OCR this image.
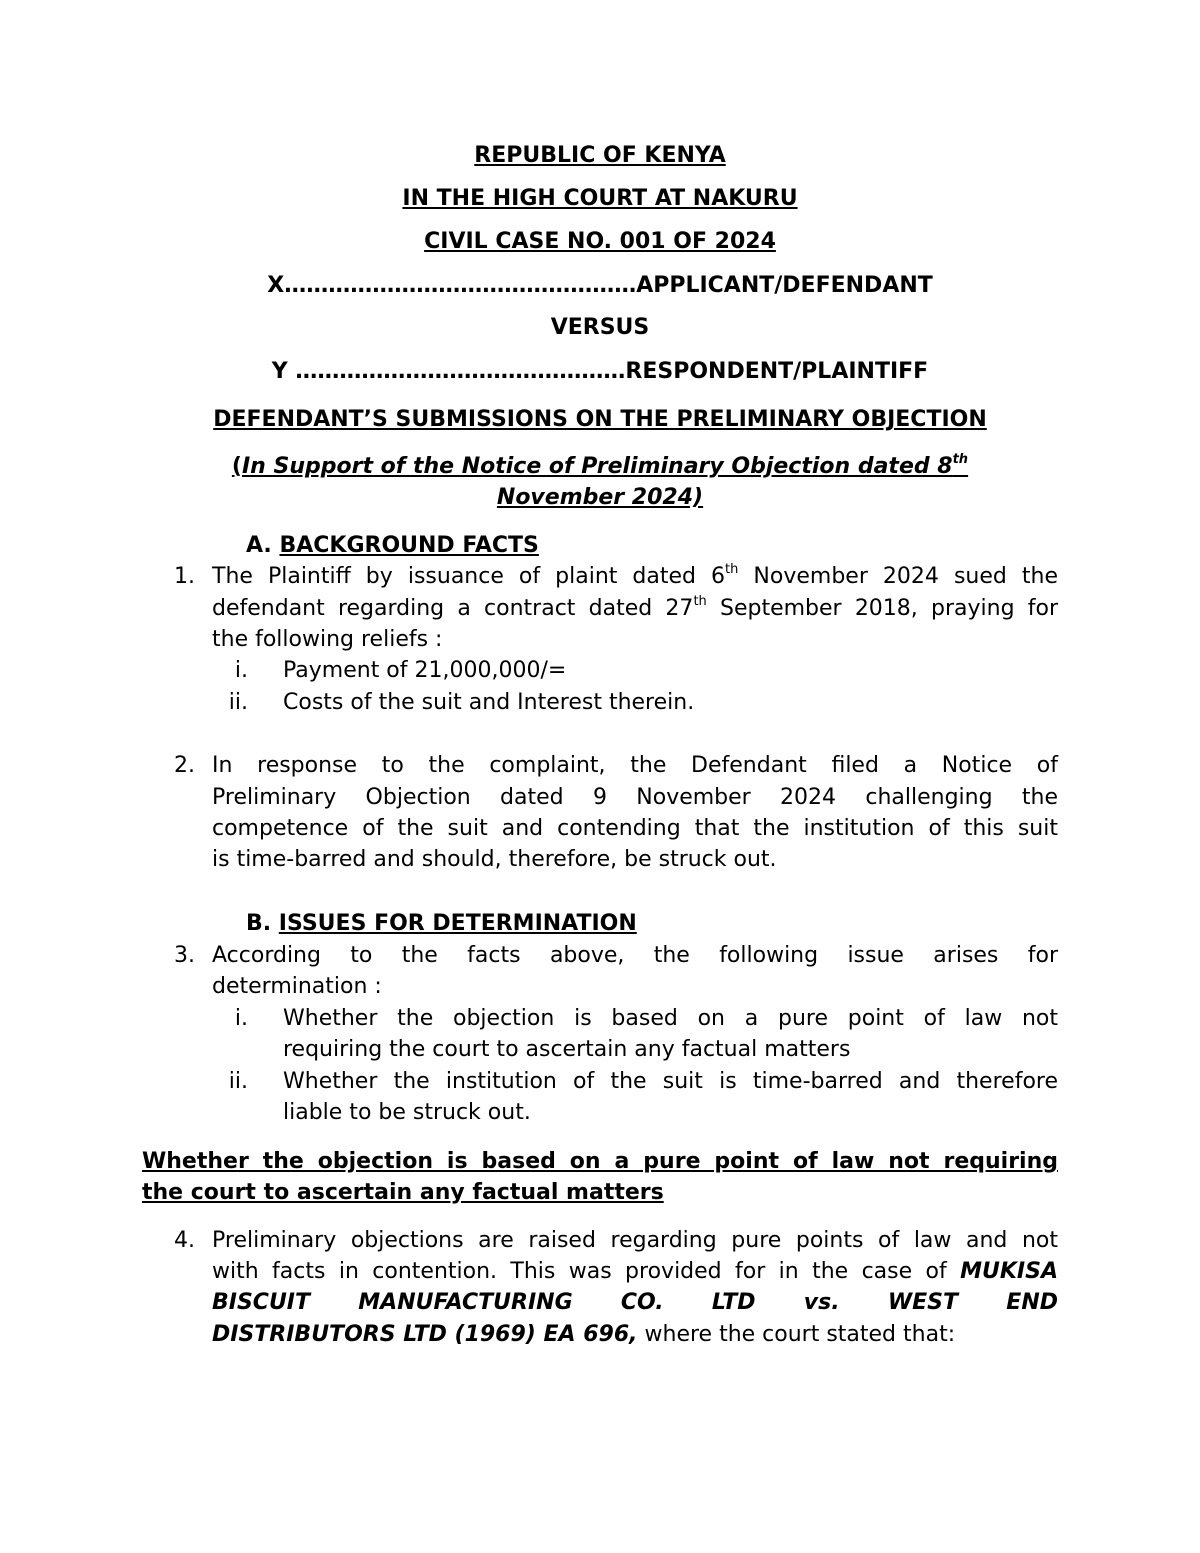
REPUBLIC OF KENYA
IN THE HIGH COURT AT NAKURU
CIVIL CASE NO. 001 OF 2024
X…………………………………………APPLICANT/DEFENDANT
VERSUS
Y ………………………………………RESPONDENT/PLAINTIFF
DEFENDANT’S SUBMISSIONS ON THE PRELIMINARY OBJECTION
(In Support of the Notice of Preliminary Objection dated 8th
November 2024)
A. BACKGROUND FACTS
1. The Plaintiff by issuance of plaint dated 6th November 2024 sued the
defendant regarding a contract dated 27th September 2018, praying for
the following reliefs :
i. Payment of 21,000,000/=
ii. Costs of the suit and Interest therein.
2. In response to the complaint, the Defendant filed a Notice of
Preliminary Objection dated 9 November 2024 challenging the
competence of the suit and contending that the institution of this suit
is time-barred and should, therefore, be struck out.
B. ISSUES FOR DETERMINATION
3. According to the facts above, the following issue arises for
determination :
i. Whether the objection is based on a pure point of law not
requiring the court to ascertain any factual matters
ii. Whether the institution of the suit is time-barred and therefore
liable to be struck out.
Whether the objection is based on a pure point of law not requiring
the court to ascertain any factual matters
4. Preliminary objections are raised regarding pure points of law and not
with facts in contention. This was provided for in the case of MUKISA
BISCUIT MANUFACTURING CO. LTD vs. WEST END
DISTRIBUTORS LTD (1969) EA 696, where the court stated that:
